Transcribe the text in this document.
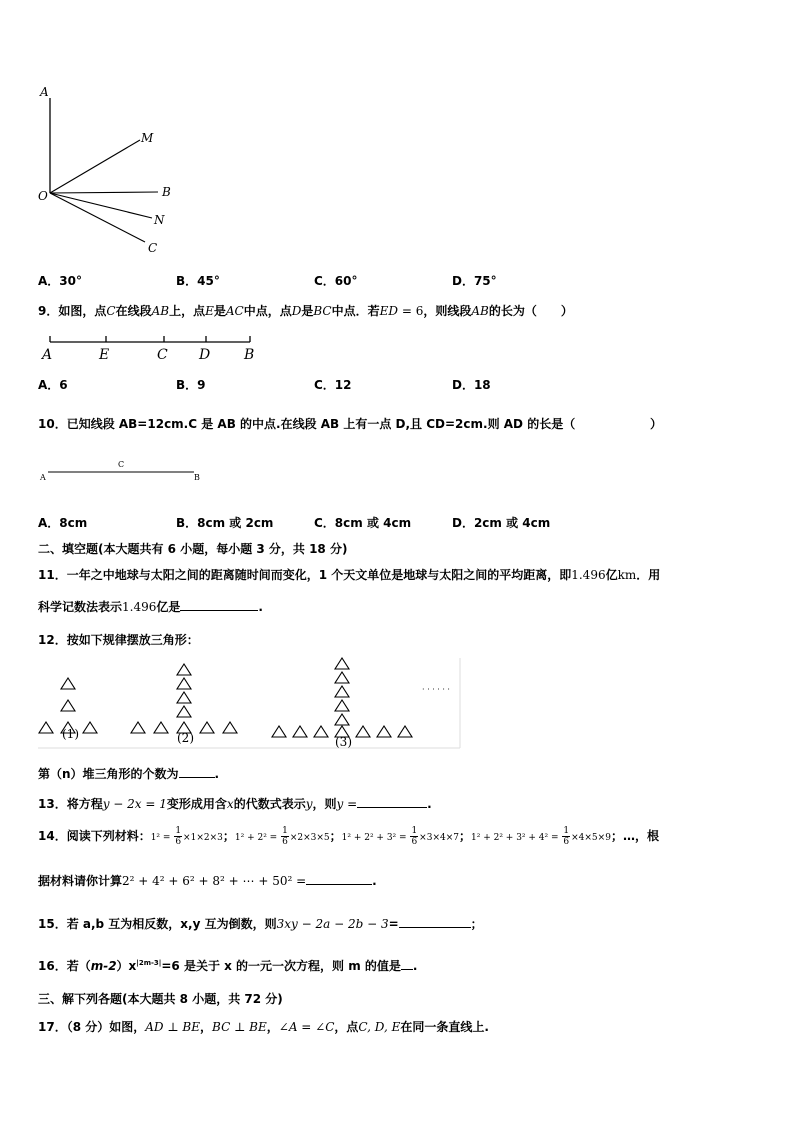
A
M
O	B
N
C
A．30°	B．45°	C．60°	D．75°
9．如图，点C在线段AB上，点E是AC中点，点D是BC中点．若ED = 6，则线段AB的长为（　　）
A	E	C D B
A．6	B．9	C．12	D．18
10．已知线段 AB=12cm.C 是 AB 的中点.在线段 AB 上有一点 D,且 CD=2cm.则 AD 的长是（	）
A
C
B
A．8cm	B．8cm 或 2cm	C．8cm 或 4cm	D．2cm 或 4cm
二、填空题(本大题共有 6 小题，每小题 3 分，共 18 分)
11．一年之中地球与太阳之间的距离随时间而变化，1 个天文单位是地球与太阳之间的平均距离，即1.496亿km．用
科学记数法表示1.496亿是	.
12．按如下规律摆放三角形：
(1)	(2)	(3)
· · · · · ·
第（n）堆三角形的个数为	.
13．将方程y − 2x = 1变形成用含x的代数式表示y，则y =	.
14．阅读下列材料：$1^2 = \frac{1}{6} \times 1\times 2\times 3$；$1^2 + 2^2 = \frac{1}{6} \times 2\times 3\times 5$；$1^2 + 2^2 + 3^2 = \frac{1}{6} \times 3\times 4\times 7$；$1^2 + 2^2 + 3^2 + 4^2 = \frac{1}{6} \times 4\times 5\times 9$；…，根
据材料请你计算2² + 4² + 6² + 8² + ⋯ + 50² =	.
15．若 a,b 互为相反数，x,y 互为倒数，则3xy − 2a − 2b − 3=	；
16．若$(m-2)x^{|2m-3|}=6$ 是关于 x 的一元一次方程，则 m 的值是 .
三、解下列各题(本大题共 8 小题，共 72 分)
17．（8 分）如图，AD ⊥ BE，BC ⊥ BE，∠A = ∠C，点C, D, E在同一条直线上.
